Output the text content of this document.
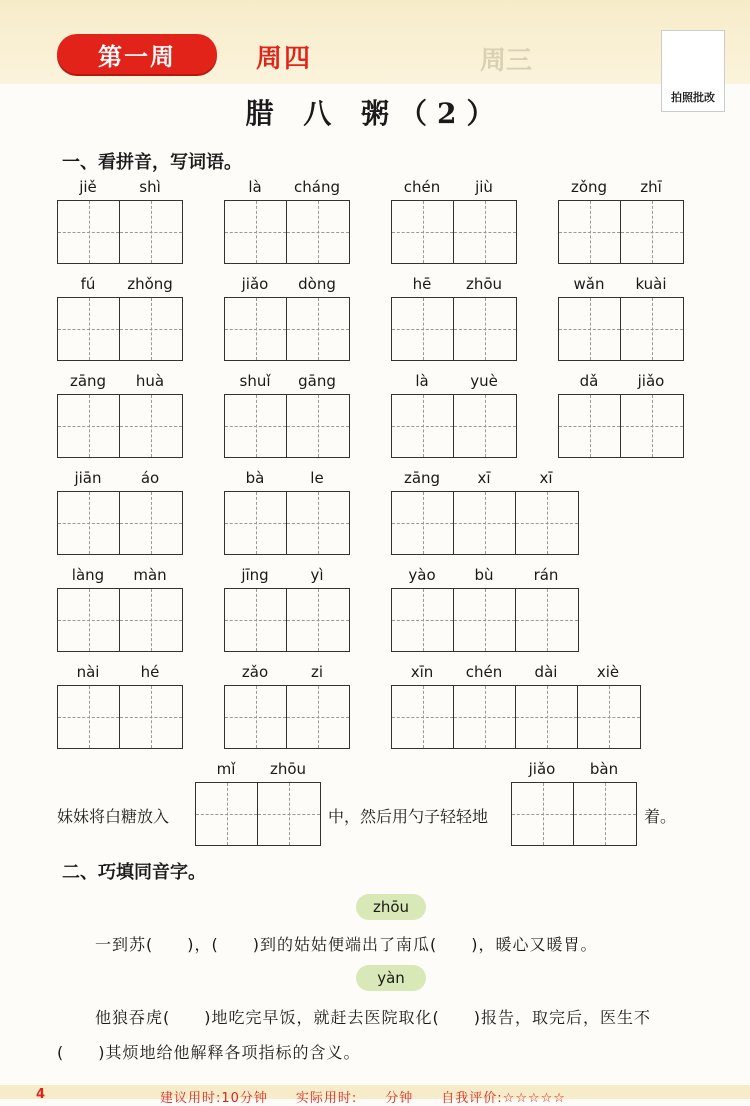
周三
第一周	周四
拍照批改
腊 八 粥（2）
一、看拼音，写词语。
jiě	shì	là	cháng	chén	jiù	zǒng	zhī
fú	zhǒng	jiǎo	dòng	hē	zhōu	wǎn	kuài
zāng	huà	shuǐ	gāng	là	yuè	dǎ	jiǎo
jiān	áo	bà	le	zāng	xī	xī
làng	màn	jīng	yì	yào	bù	rán
nài	hé	zǎo	zi	xīn	chén	dài	xiè
妹妹将白糖放入
mǐ	zhōu
中，然后用勺子轻轻地
jiǎo	bàn
着。
二、巧填同音字。
zhōu
一到苏(　　)，(　　)到的姑姑便端出了南瓜(　　)，暖心又暖胃。
yàn
他狼吞虎(　　)地吃完早饭，就赶去医院取化(　　)报告，取完后，医生不
(　　)其烦地给他解释各项指标的含义。
4	建议用时:10分钟　　实际用时:　　分钟　　自我评价:☆☆☆☆☆
